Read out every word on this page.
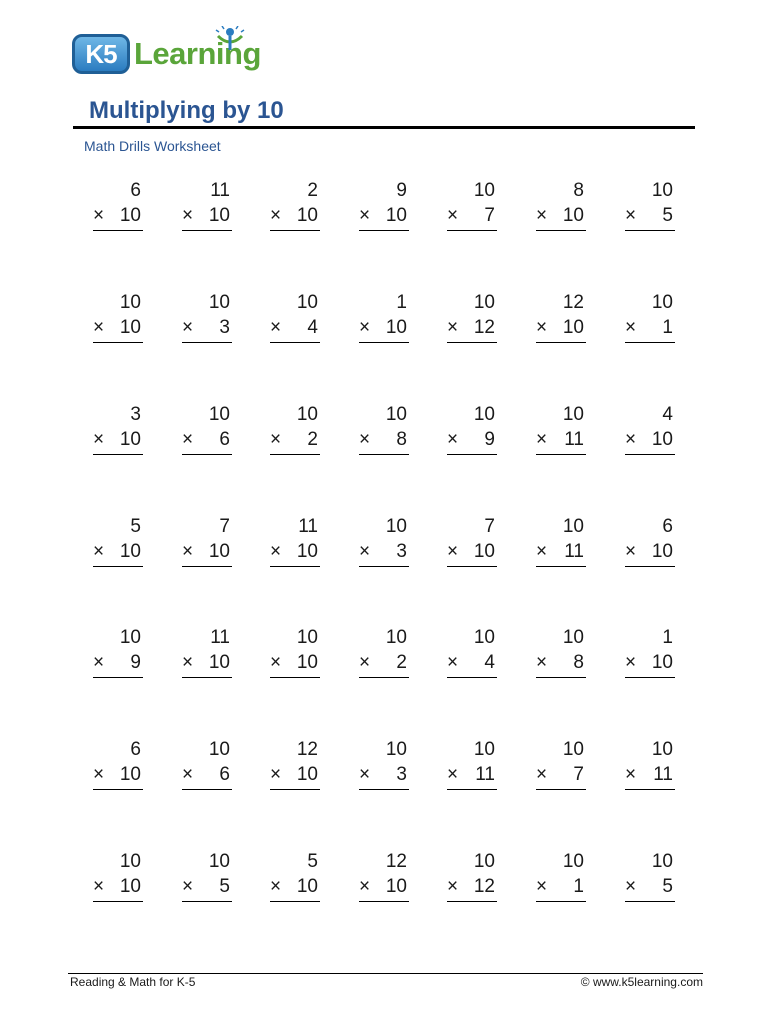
K5 Learning
Multiplying by 10
Math Drills Worksheet
6
× 10
11
× 10
2
× 10
9
× 10
10
× 7
8
× 10
10
× 5
10
× 10
10
× 3
10
× 4
1
× 10
10
× 12
12
× 10
10
× 1
3
× 10
10
× 6
10
× 2
10
× 8
10
× 9
10
× 11
4
× 10
5
× 10
7
× 10
11
× 10
10
× 3
7
× 10
10
× 11
6
× 10
10
× 9
11
× 10
10
× 10
10
× 2
10
× 4
10
× 8
1
× 10
6
× 10
10
× 6
12
× 10
10
× 3
10
× 11
10
× 7
10
× 11
10
× 10
10
× 5
5
× 10
12
× 10
10
× 12
10
× 1
10
× 5
Reading & Math for K-5	© www.k5learning.com
